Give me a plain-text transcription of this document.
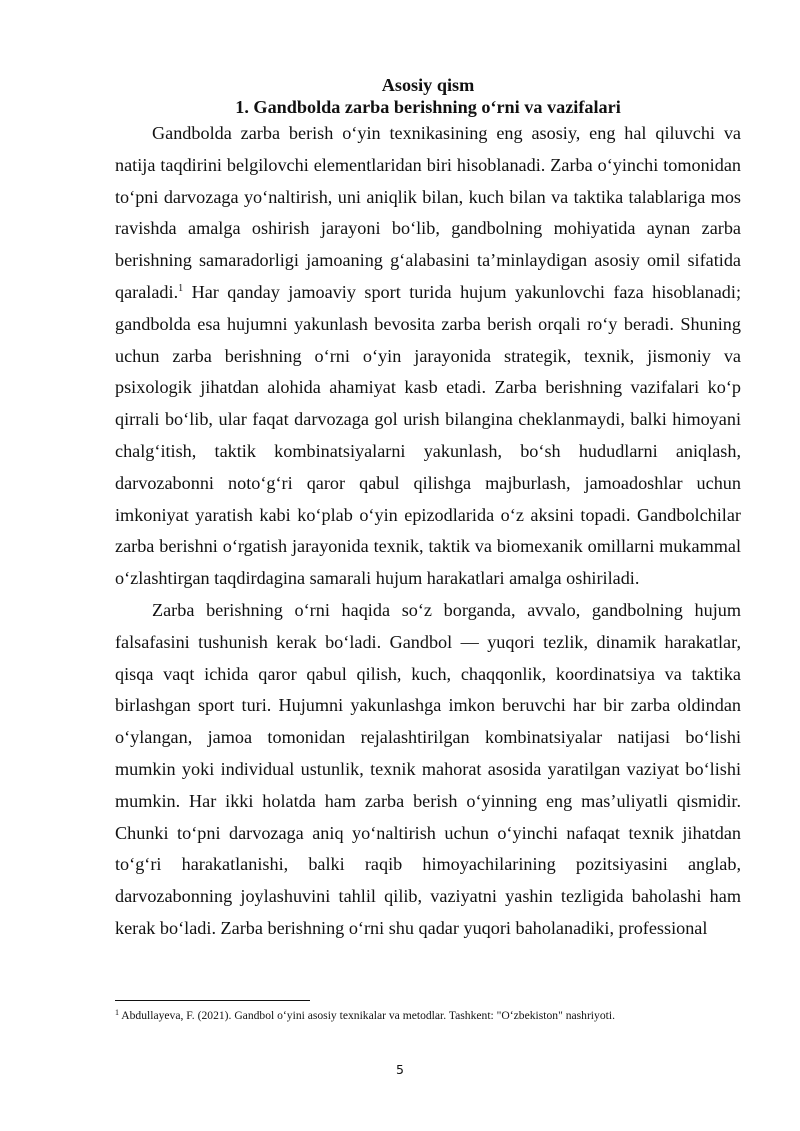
Asosiy qism

1. Gandbolda zarba berishning o‘rni va vazifalari

Gandbolda zarba berish o‘yin texnikasining eng asosiy, eng hal qiluvchi va natija taqdirini belgilovchi elementlaridan biri hisoblanadi. Zarba o‘yinchi tomonidan to‘pni darvozaga yo‘naltirish, uni aniqlik bilan, kuch bilan va taktika talablariga mos ravishda amalga oshirish jarayoni bo‘lib, gandbolning mohiyatida aynan zarba berishning samaradorligi jamoaning g‘alabasini ta’minlaydigan asosiy omil sifatida qaraladi.$^1$ Har qanday jamoaviy sport turida hujum yakunlovchi faza hisoblanadi; gandbolda esa hujumni yakunlash bevosita zarba berish orqali ro‘y beradi. Shuning uchun zarba berishning o‘rni o‘yin jarayonida strategik, texnik, jismoniy va psixologik jihatdan alohida ahamiyat kasb etadi. Zarba berishning vazifalari ko‘p qirrali bo‘lib, ular faqat darvozaga gol urish bilangina cheklanmaydi, balki himoyani chalg‘itish, taktik kombinatsiyalarni yakunlash, bo‘sh hududlarni aniqlash, darvozabonni noto‘g‘ri qaror qabul qilishga majburlash, jamoadoshlar uchun imkoniyat yaratish kabi ko‘plab o‘yin epizodlarida o‘z aksini topadi. Gandbolchilar zarba berishni o‘rgatish jarayonida texnik, taktik va biomexanik omillarni mukammal o‘zlashtirgan taqdirdagina samarali hujum harakatlari amalga oshiriladi.

Zarba berishning o‘rni haqida so‘z borganda, avvalo, gandbolning hujum falsafasini tushunish kerak bo‘ladi. Gandbol — yuqori tezlik, dinamik harakatlar, qisqa vaqt ichida qaror qabul qilish, kuch, chaqqonlik, koordinatsiya va taktika birlashgan sport turi. Hujumni yakunlashga imkon beruvchi har bir zarba oldindan o‘ylangan, jamoa tomonidan rejalashtirilgan kombinatsiyalar natijasi bo‘lishi mumkin yoki individual ustunlik, texnik mahorat asosida yaratilgan vaziyat bo‘lishi mumkin. Har ikki holatda ham zarba berish o‘yinning eng mas’uliyatli qismidir. Chunki to‘pni darvozaga aniq yo‘naltirish uchun o‘yinchi nafaqat texnik jihatdan to‘g‘ri harakatlanishi, balki raqib himoyachilarining pozitsiyasini anglab, darvozabonning joylashuvini tahlil qilib, vaziyatni yashin tezligida baholashi ham kerak bo‘ladi. Zarba berishning o‘rni shu qadar yuqori baholanadiki, professional

$^1$ Abdullayeva, F. (2021). Gandbol o‘yini asosiy texnikalar va metodlar. Tashkent: "O‘zbekiston" nashriyoti.

5
